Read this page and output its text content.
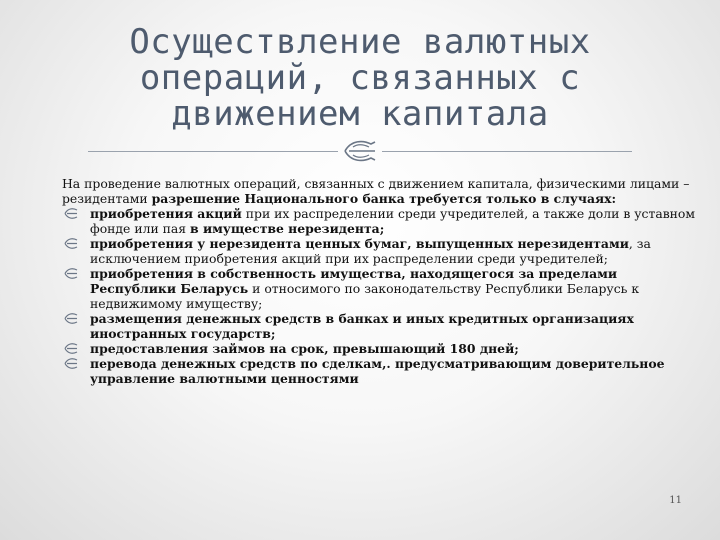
Осуществление валютных
операций, связанных с
движением капитала

На проведение валютных операций, связанных с движением капитала, физическими лицами – резидентами разрешение Национального банка требуется только в случаях:

приобретения акций при их распределении среди учредителей, а также доли в уставном фонде или пая в имуществе нерезидента;
приобретения у нерезидента ценных бумаг, выпущенных нерезидентами, за исключением приобретения акций при их распределении среди учредителей;
приобретения в собственность имущества, находящегося за пределами Республики Беларусь и относимого по законодательству Республики Беларусь к недвижимому имуществу;
размещения денежных средств в банках и иных кредитных организациях иностранных государств;
предоставления займов на срок, превышающий 180 дней;
перевода денежных средств по сделкам,. предусматривающим доверительное управление валютными ценностями
11
